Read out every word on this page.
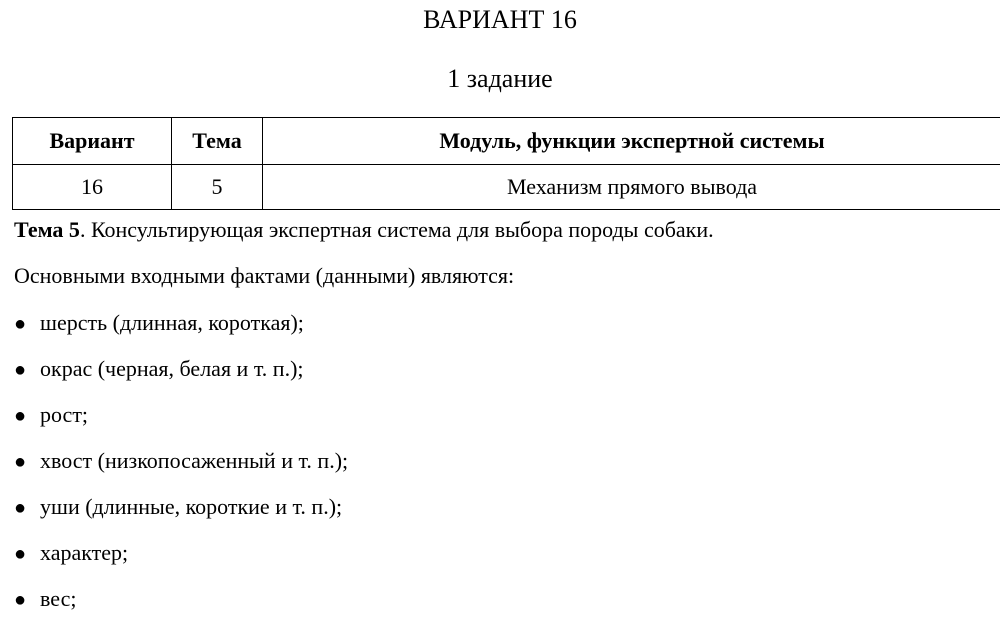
ВАРИАНТ 16
1 задание
Вариант	Тема	Модуль, функции экспертной системы
16	5	Механизм прямого вывода
Тема 5. Консультирующая экспертная система для выбора породы собаки.
Основными входными фактами (данными) являются:
● шерсть (длинная, короткая);
● окрас (черная, белая и т. п.);
● рост;
● хвост (низкопосаженный и т. п.);
● уши (длинные, короткие и т. п.);
● характер;
● вес;
